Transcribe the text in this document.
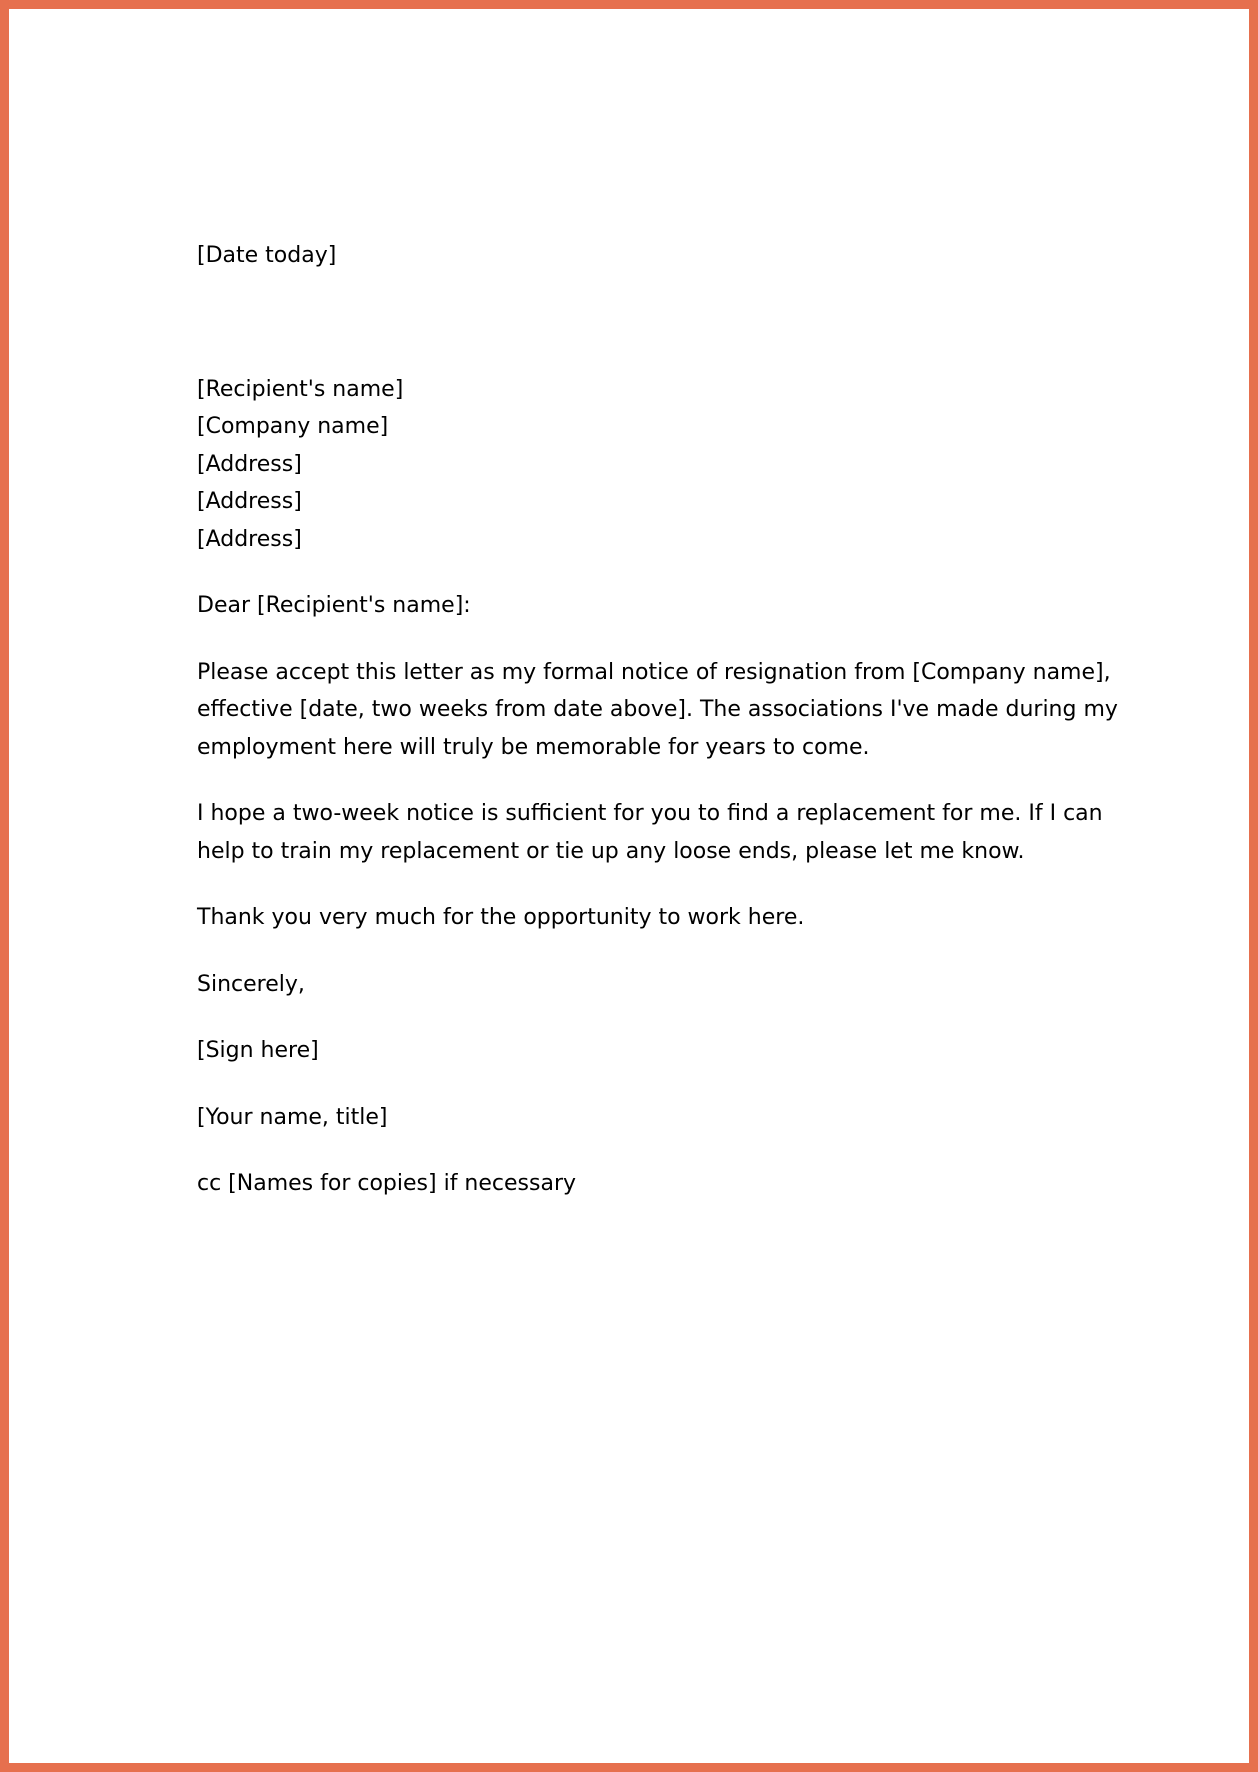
[Date today]
[Recipient's name]
[Company name]
[Address]
[Address]
[Address]
Dear [Recipient's name]:
Please accept this letter as my formal notice of resignation from [Company name],
effective [date, two weeks from date above]. The associations I've made during my
employment here will truly be memorable for years to come.
I hope a two-week notice is sufficient for you to find a replacement for me. If I can
help to train my replacement or tie up any loose ends, please let me know.
Thank you very much for the opportunity to work here.
Sincerely,
[Sign here]
[Your name, title]
cc [Names for copies] if necessary
